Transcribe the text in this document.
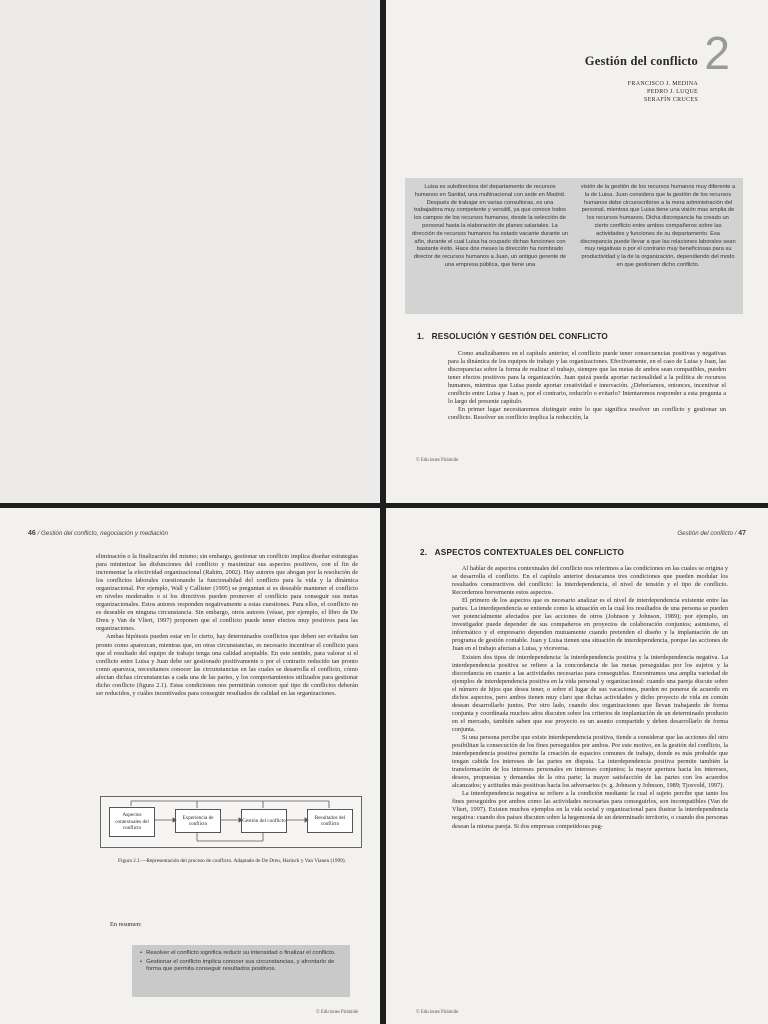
2
Gestión del conflicto
FRANCISCO J. MEDINA
PEDRO J. LUQUE
SERAFÍN CRUCES
Luisa es subdirectora del departamento de recursos humanos en Santial, una multinacional con sede en Madrid. Después de trabajar en varias consultoras, es una trabajadora muy competente y versátil, ya que conoce todos los campos de los recursos humanos, desde la selección de personal hasta la elaboración de planes salariales. La dirección de recursos humanos ha estado vacante durante un año, durante el cual Luisa ha ocupado dichas funciones con bastante éxito. Hace dos meses la dirección ha nombrado director de recursos humanos a Juan, un antiguo gerente de una empresa pública, que tiene una
visión de la gestión de los recursos humanos muy diferente a la de Luisa. Juan considera que la gestión de los recursos humanos debe circunscribirse a la mera administración del personal, mientras que Luisa tiene una visión mas amplia de los recursos humanos. Dicha discrepancia ha creado un cierto conflicto entre ambos compañeros sobre las actividades y funciones de su departamento. Esa discrepancia puede llevar a que las relaciones laborales sean muy negativas o por el contrario muy beneficiosas para su productividad y la de la organización, dependiendo del modo en que gestionen dicho conflicto.
1. RESOLUCIÓN Y GESTIÓN DEL CONFLICTO

Como analizábamos en el capítulo anterior, el conflicto puede tener consecuencias positivas y negativas para la dinámica de los equipos de trabajo y las organizaciones. Efectivamente, en el caso de Luisa y Juan, las discrepancias sobre la forma de realizar el trabajo, siempre que las metas de ambos sean compatibles, pueden tener efectos positivos para la organización. Juan quizá pueda aportar racionalidad a la política de recursos humanos, mientras que Luisa puede aportar creatividad e innovación. ¿Deberíamos, entonces, incentivar el conflicto entre Luisa y Juan o, por el contrario, reducirlo o evitarlo? Intentaremos responder a esta pregunta a lo largo del presente capítulo.

En primer lugar necesitaremos distinguir entre lo que significa resolver un conflicto y gestionar un conflicto. Resolver un conflicto implica la reducción, la

© Ediciones Pirámide
46 / Gestión del conflicto, negociación y mediación

eliminación o la finalización del mismo; sin embargo, gestionar un conflicto implica diseñar estrategias para minimizar las disfunciones del conflicto y maximizar sus aspectos positivos, con el fin de incrementar la efectividad organizacional (Rahim, 2002). Hay autores que abogan por la resolución de los conflictos laborales cuestionando la funcionalidad del conflicto para la vida y la dinámica organizacional. Por ejemplo, Wall y Callister (1995) se preguntan si es deseable mantener el conflicto en niveles moderados o si los directivos pueden promover el conflicto para conseguir sus metas organizacionales. Estos autores responden negativamente a estas cuestiones. Para ellos, el conflicto no es deseable en ninguna circunstancia. Sin embargo, otros autores (véase, por ejemplo, el libro de De Dreu y Van de Vliert, 1997) proponen que el conflicto puede tener efectos muy positivos para las organizaciones.

Ambas hipótesis pueden estar en lo cierto, hay determinados conflictos que deben ser evitados tan pronto como aparezcan, mientras que, en otras circunstancias, es necesario incentivar el conflicto para que el resultado del equipo de trabajo tenga una calidad aceptable. En este sentido, para valorar si el conflicto entre Luisa y Juan debe ser gestionado positivamente o por el contrario reducido tan pronto como aparezca, necesitamos conocer las circunstancias en las cuales se desarrolla el conflicto, cómo afectan dichas circunstancias a cada una de las partes, y los comportamientos utilizados para gestionar dicho conflicto (figura 2.1). Estas condiciones nos permitirán conocer qué tipo de conflictos deberán ser reducidos, y cuáles incentivados para conseguir resultados de calidad en las organizaciones.

Aspectos contextuales del conflicto
Experiencia de conflicto
Gestión del conflicto
Resultados del conflicto
Figura 2.1.—Representación del proceso de conflicto. Adaptado de De Dreu, Harinck y Van Vianen (1999).
En resumen:
• Resolver el conflicto significa reducir su intensidad o finalizar el conflicto.
• Gestionar el conflicto implica conocer sus circunstancias, y afrontarlo de forma que permita conseguir resultados positivos.
© Ediciones Pirámide
Gestión del conflicto / 47
2. ASPECTOS CONTEXTUALES DEL CONFLICTO

Al hablar de aspectos contextuales del conflicto nos referimos a las condiciones en las cuales se origina y se desarrolla el conflicto. En el capítulo anterior destacamos tres condiciones que pueden modular los resultados constructivos del conflicto: la interdependencia, el nivel de tensión y el tipo de conflicto. Recordemos brevemente estos aspectos.

El primero de los aspectos que es necesario analizar es el nivel de interdependencia existente entre las partes. La interdependencia se entiende como la situación en la cual los resultados de una persona se pueden ver potencialmente afectados por las acciones de otros (Johnson y Johnson, 1989); por ejemplo, un investigador puede depender de sus compañeros en proyectos de colaboración conjuntos; asimismo, el informático y el empresario dependen mutuamente cuando pretenden el diseño y la implantación de un programa de gestión contable. Juan y Luisa tienen una situación de interdependencia, porque las acciones de Juan en el trabajo afectan a Luisa, y viceversa.

Existen dos tipos de interdependencia: la interdependencia positiva y la interdependencia negativa. La interdependencia positiva se refiere a la concordancia de las metas perseguidas por los sujetos y la discordancia en cuanto a las actividades necesarias para conseguirlas. Encontramos una amplia variedad de ejemplos de interdependencia positiva en la vida personal y organizacional: cuando una pareja discute sobre el número de hijos que desea tener, o sobre el lugar de sus vacaciones, pueden no ponerse de acuerdo en dichos aspectos, pero ambos tienen muy claro que dichas actividades y dicho proyecto de vida en común desean desarrollarlo juntos. Por otro lado, cuando dos organizaciones que llevan trabajando de forma conjunta y coordinada muchos años discuten sobre los criterios de implantación de un determinado producto en el mercado, también saben que ese proyecto es un asunto compartido y deben desarrollarlo de forma conjunta.

Si una persona percibe que existe interdependencia positiva, tiende a considerar que las acciones del otro posibilitan la consecución de los fines perseguidos por ambos. Por este motivo, en la gestión del conflicto, la interdependencia positiva permite la creación de espacios comunes de trabajo, donde es más probable que tengan cabida los intereses de las partes en disputa. La interdependencia positiva permite también la transformación de los intereses personales en intereses conjuntos; la mayor apertura hacia los intereses, deseos, propuestas y demandas de la otra parte; la mayor satisfacción de las partes con los acuerdos alcanzados; y actitudes más positivas hacia los adversarios (v. g. Johnson y Johnson, 1989; Tjosvold, 1997).

La interdependencia negativa se refiere a la condición mediante la cual el sujeto percibe que tanto los fines perseguidos por ambos como las actividades necesarias para conseguirlos, son incompatibles (Van de Vliert, 1997). Existen muchos ejemplos en la vida social y organizacional para ilustrar la interdependencia negativa: cuando dos países discuten sobre la hegemonía de un determinado territorio, o cuando dos personas desean la misma pareja. Si dos empresas competidoras pug-

© Ediciones Pirámide
